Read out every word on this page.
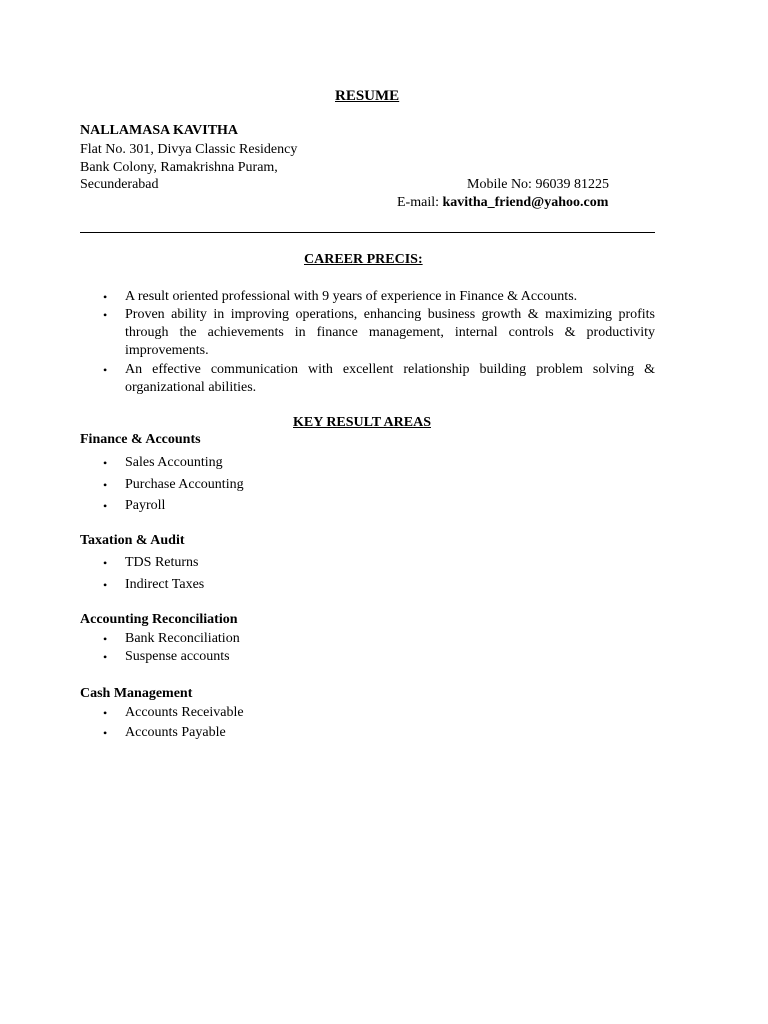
RESUME
NALLAMASA KAVITHA
Flat No. 301, Divya Classic Residency
Bank Colony, Ramakrishna Puram,
Secunderabad	Mobile No: 96039 81225
E-mail: kavitha_friend@yahoo.com
CAREER PRECIS:
• A result oriented professional with 9 years of experience in Finance & Accounts.
• Proven ability in improving operations, enhancing business growth & maximizing profits through the achievements in finance management, internal controls & productivity improvements.
• An effective communication with excellent relationship building problem solving & organizational abilities.
KEY RESULT AREAS
Finance & Accounts
• Sales Accounting
• Purchase Accounting
• Payroll
Taxation & Audit
• TDS Returns
• Indirect Taxes
Accounting Reconciliation
• Bank Reconciliation
• Suspense accounts
Cash Management
• Accounts Receivable
• Accounts Payable
